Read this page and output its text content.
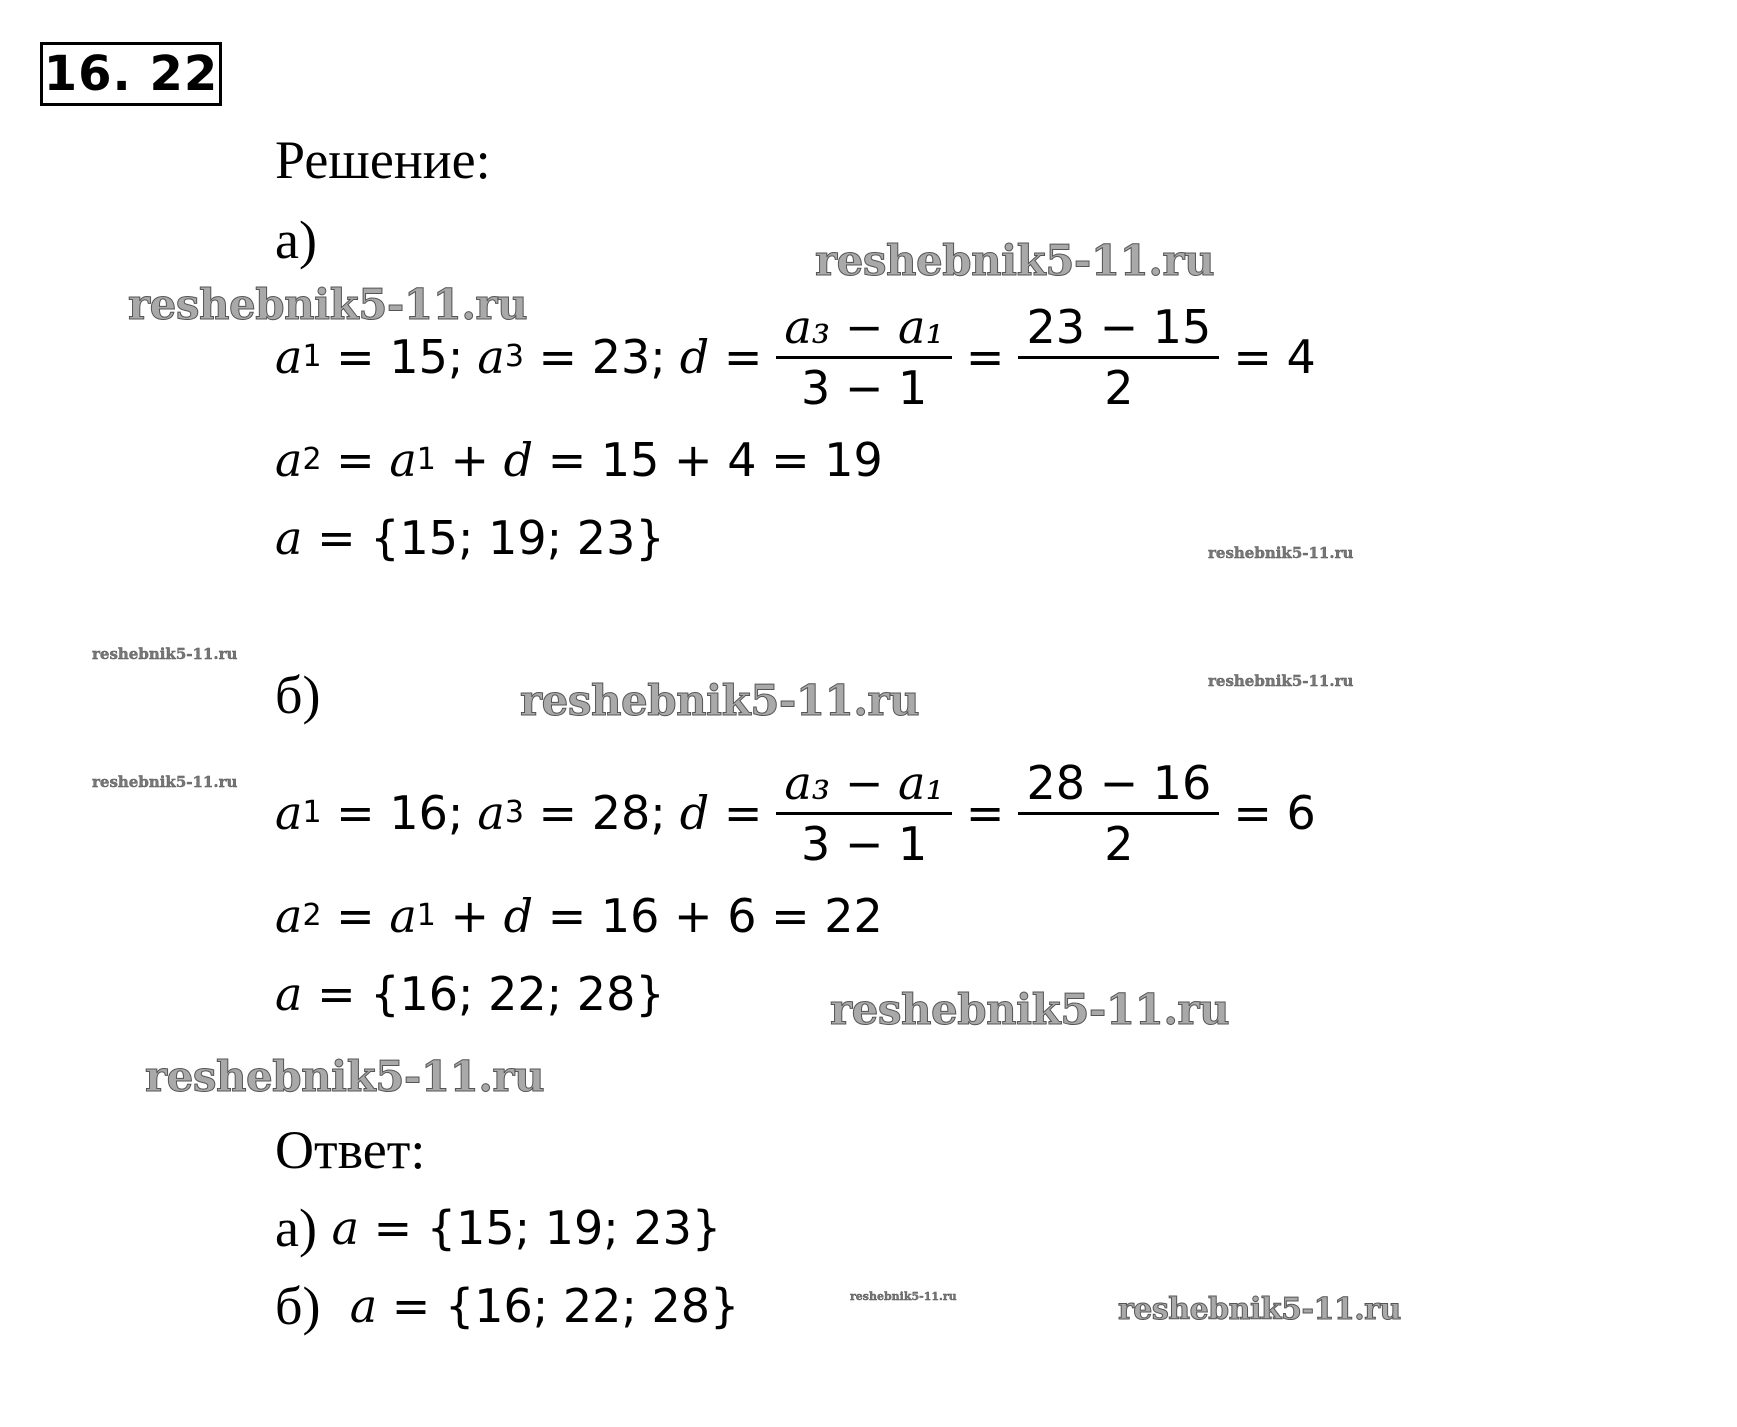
16. 22
Решение:
а)
a 1 = 15 ; a 3 = 23 ; $d = \frac{\text{a₃ − a₁}}{3 - 1} = \frac{23 - 15}{2} = 4$
a 2 = a 1 + d
= 15 + 4 = 19
a
= {15; 19; 23}
б)
a 1 = 16 ; a 3 = 28 ; $d = \frac{\text{a₃ − a₁}}{3 - 1} = \frac{28 - 16}{2} = 6$
a 2 = a 1 + d
= 16 + 6 = 22
a
= {16; 22; 28}
Ответ:
а)
a
= {15; 19; 23}
б)
a
= {16; 22; 28}
reshebnik5-11.ru
reshebnik5-11.ru
reshebnik5-11.ru
reshebnik5-11.ru
reshebnik5-11.ru	reshebnik5-11.ru
reshebnik5-11.ru
reshebnik5-11.ru
reshebnik5-11.ru
reshebnik5-11.ru	reshebnik5-11.ru
